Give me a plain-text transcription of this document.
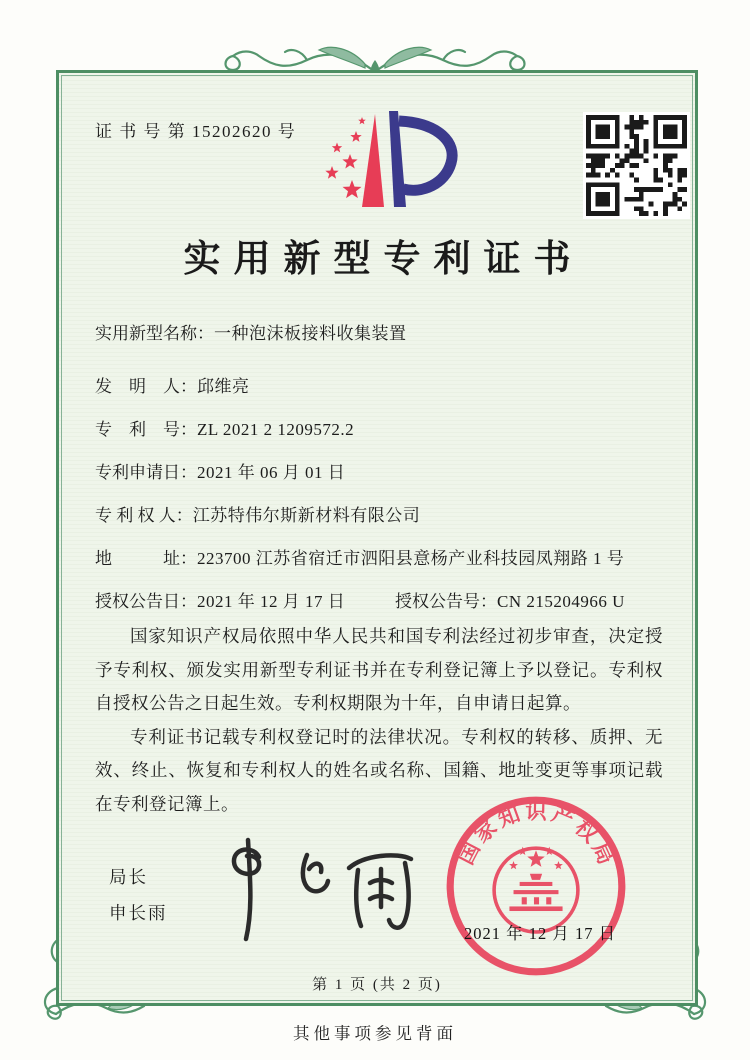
证 书 号 第 15202620 号
实用新型专利证书
实用新型名称： 一种泡沫板接料收集装置
发　明　人： 邱维亮
专　利　号： ZL 2021 2 1209572.2
专利申请日： 2021 年 06 月 01 日
专 利 权 人： 江苏特伟尔斯新材料有限公司
地　　　址： 223700 江苏省宿迁市泗阳县意杨产业科技园凤翔路 1 号
授权公告日： 2021 年 12 月 17 日	授权公告号： CN 215204966 U

国家知识产权局依照中华人民共和国专利法经过初步审查，决定授予专利权、颁发实用新型专利证书并在专利登记簿上予以登记。专利权自授权公告之日起生效。专利权期限为十年，自申请日起算。

专利证书记载专利权登记时的法律状况。专利权的转移、质押、无效、终止、恢复和专利权人的姓名或名称、国籍、地址变更等事项记载在专利登记簿上。

局长
申长雨
国家知识产权局
2021 年 12 月 17 日
第 1 页 (共 2 页)
其他事项参见背面
